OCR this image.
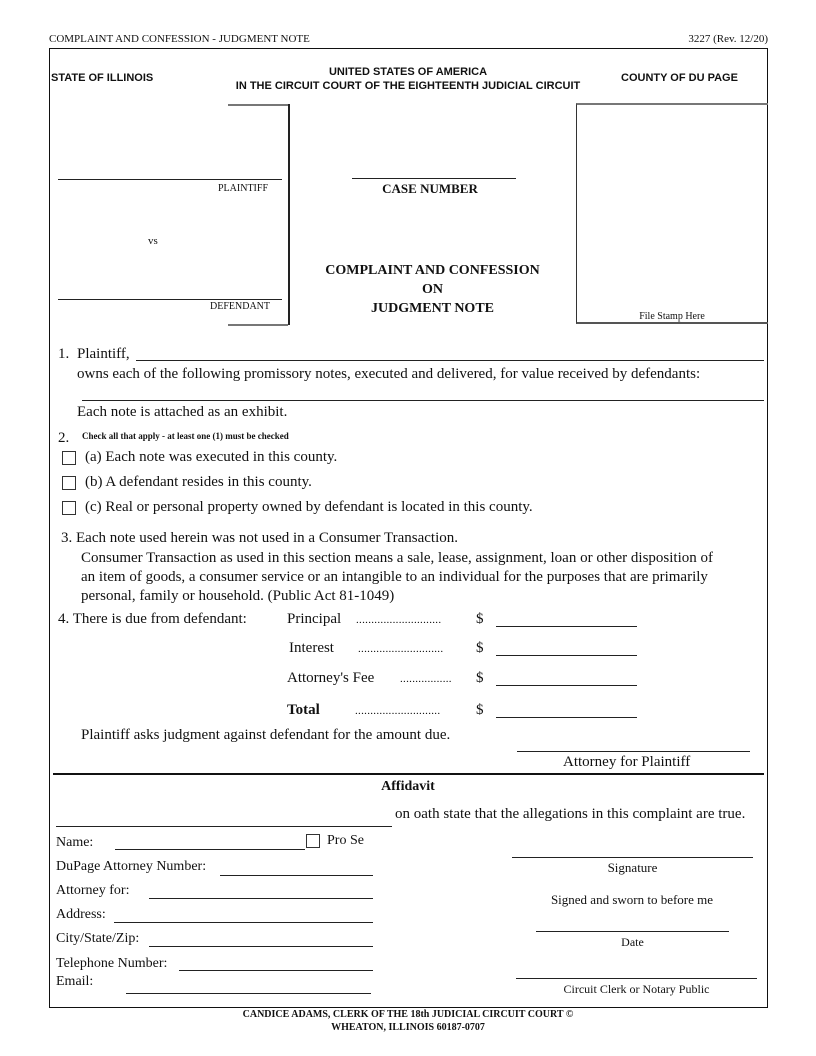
COMPLAINT AND CONFESSION - JUDGMENT NOTE	3227 (Rev. 12/20)
STATE OF ILLINOIS	UNITED STATES OF AMERICA
IN THE CIRCUIT COURT OF THE EIGHTEENTH JUDICIAL CIRCUIT
COUNTY OF DU PAGE
PLAINTIFF
vs
DEFENDANT
CASE NUMBER
COMPLAINT AND CONFESSION
ON
JUDGMENT NOTE
File Stamp Here
1. Plaintiff,
owns each of the following promissory notes, executed and delivered, for value received by defendants:
Each note is attached as an exhibit.
2. Check all that apply - at least one (1) must be checked
(a) Each note was executed in this county.
(b) A defendant resides in this county.
(c) Real or personal property owned by defendant is located in this county.
3. Each note used herein was not used in a Consumer Transaction.
Consumer Transaction as used in this section means a sale, lease, assignment, loan or other disposition of
an item of goods, a consumer service or an intangible to an individual for the purposes that are primarily
personal, family or household. (Public Act 81-1049)
4. There is due from defendant:	Principal ............................ $
Interest ............................ $
Attorney's Fee ................. $
Total	............................ $
Plaintiff asks judgment against defendant for the amount due.
Attorney for Plaintiff
Affidavit
on oath state that the allegations in this complaint are true.
Name:	Pro Se
DuPage Attorney Number:
Attorney for:
Address:
City/State/Zip:
Telephone Number:
Email:
Signature
Signed and sworn to before me
Date
Circuit Clerk or Notary Public
CANDICE ADAMS, CLERK OF THE 18th JUDICIAL CIRCUIT COURT ©
WHEATON, ILLINOIS 60187-0707
